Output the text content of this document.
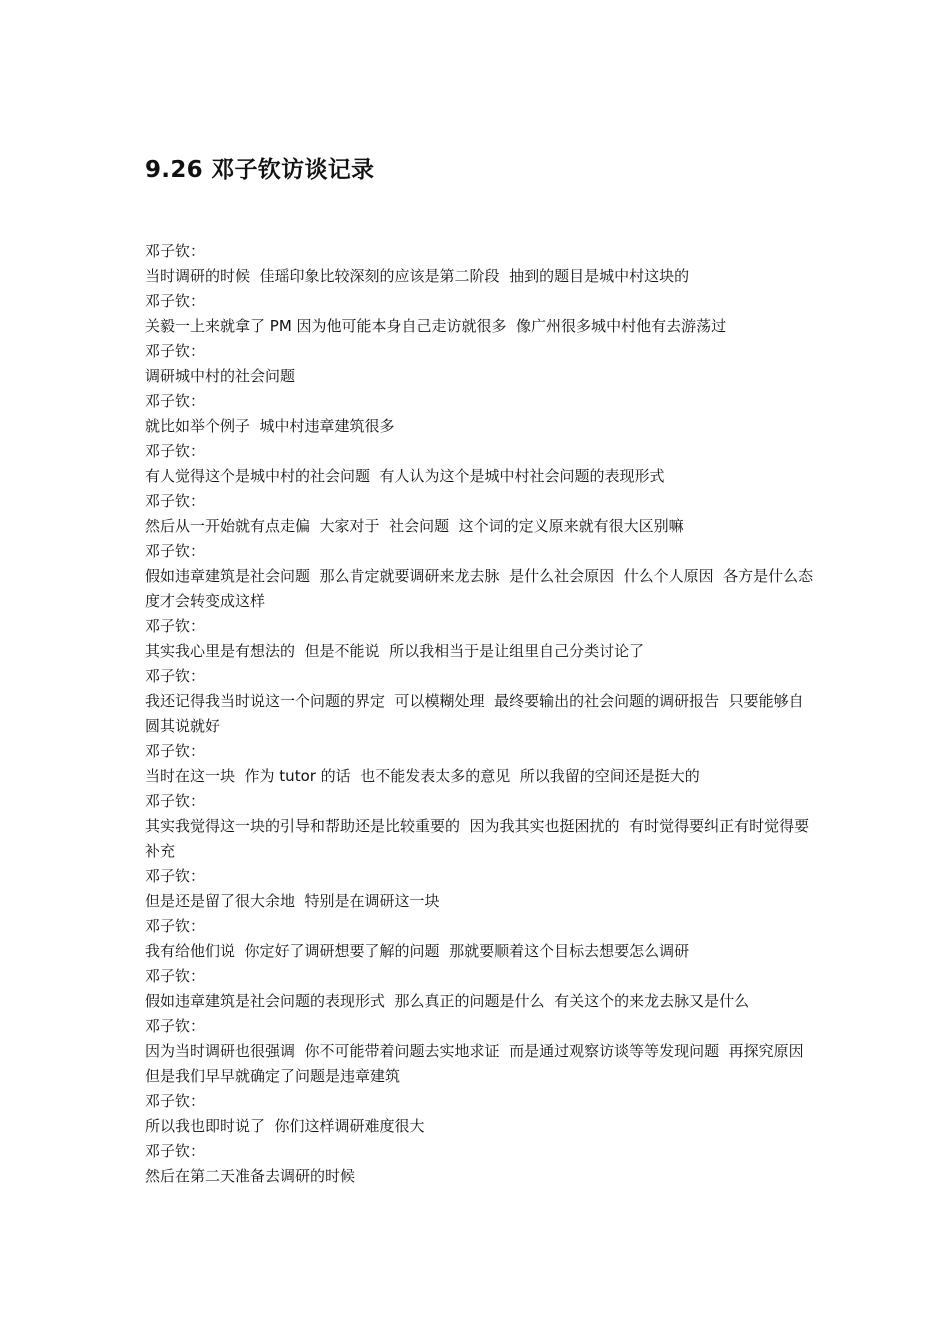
9.26 邓子钦访谈记录
邓子钦：
当时调研的时候  佳瑶印象比较深刻的应该是第二阶段  抽到的题目是城中村这块的
邓子钦：
关毅一上来就拿了 PM 因为他可能本身自己走访就很多  像广州很多城中村他有去游荡过
邓子钦：
调研城中村的社会问题
邓子钦：
就比如举个例子  城中村违章建筑很多
邓子钦：
有人觉得这个是城中村的社会问题  有人认为这个是城中村社会问题的表现形式
邓子钦：
然后从一开始就有点走偏  大家对于  社会问题  这个词的定义原来就有很大区别嘛
邓子钦：
假如违章建筑是社会问题  那么肯定就要调研来龙去脉  是什么社会原因  什么个人原因  各方是什么态度才会转变成这样
邓子钦：
其实我心里是有想法的  但是不能说  所以我相当于是让组里自己分类讨论了
邓子钦：
我还记得我当时说这一个问题的界定  可以模糊处理  最终要输出的社会问题的调研报告  只要能够自圆其说就好
邓子钦：
当时在这一块  作为 tutor 的话  也不能发表太多的意见  所以我留的空间还是挺大的
邓子钦：
其实我觉得这一块的引导和帮助还是比较重要的  因为我其实也挺困扰的  有时觉得要纠正有时觉得要补充
邓子钦：
但是还是留了很大余地  特别是在调研这一块
邓子钦：
我有给他们说  你定好了调研想要了解的问题  那就要顺着这个目标去想要怎么调研
邓子钦：
假如违章建筑是社会问题的表现形式  那么真正的问题是什么  有关这个的来龙去脉又是什么
邓子钦：
因为当时调研也很强调  你不可能带着问题去实地求证  而是通过观察访谈等等发现问题  再探究原因  但是我们早早就确定了问题是违章建筑
邓子钦：
所以我也即时说了  你们这样调研难度很大
邓子钦：
然后在第二天准备去调研的时候
